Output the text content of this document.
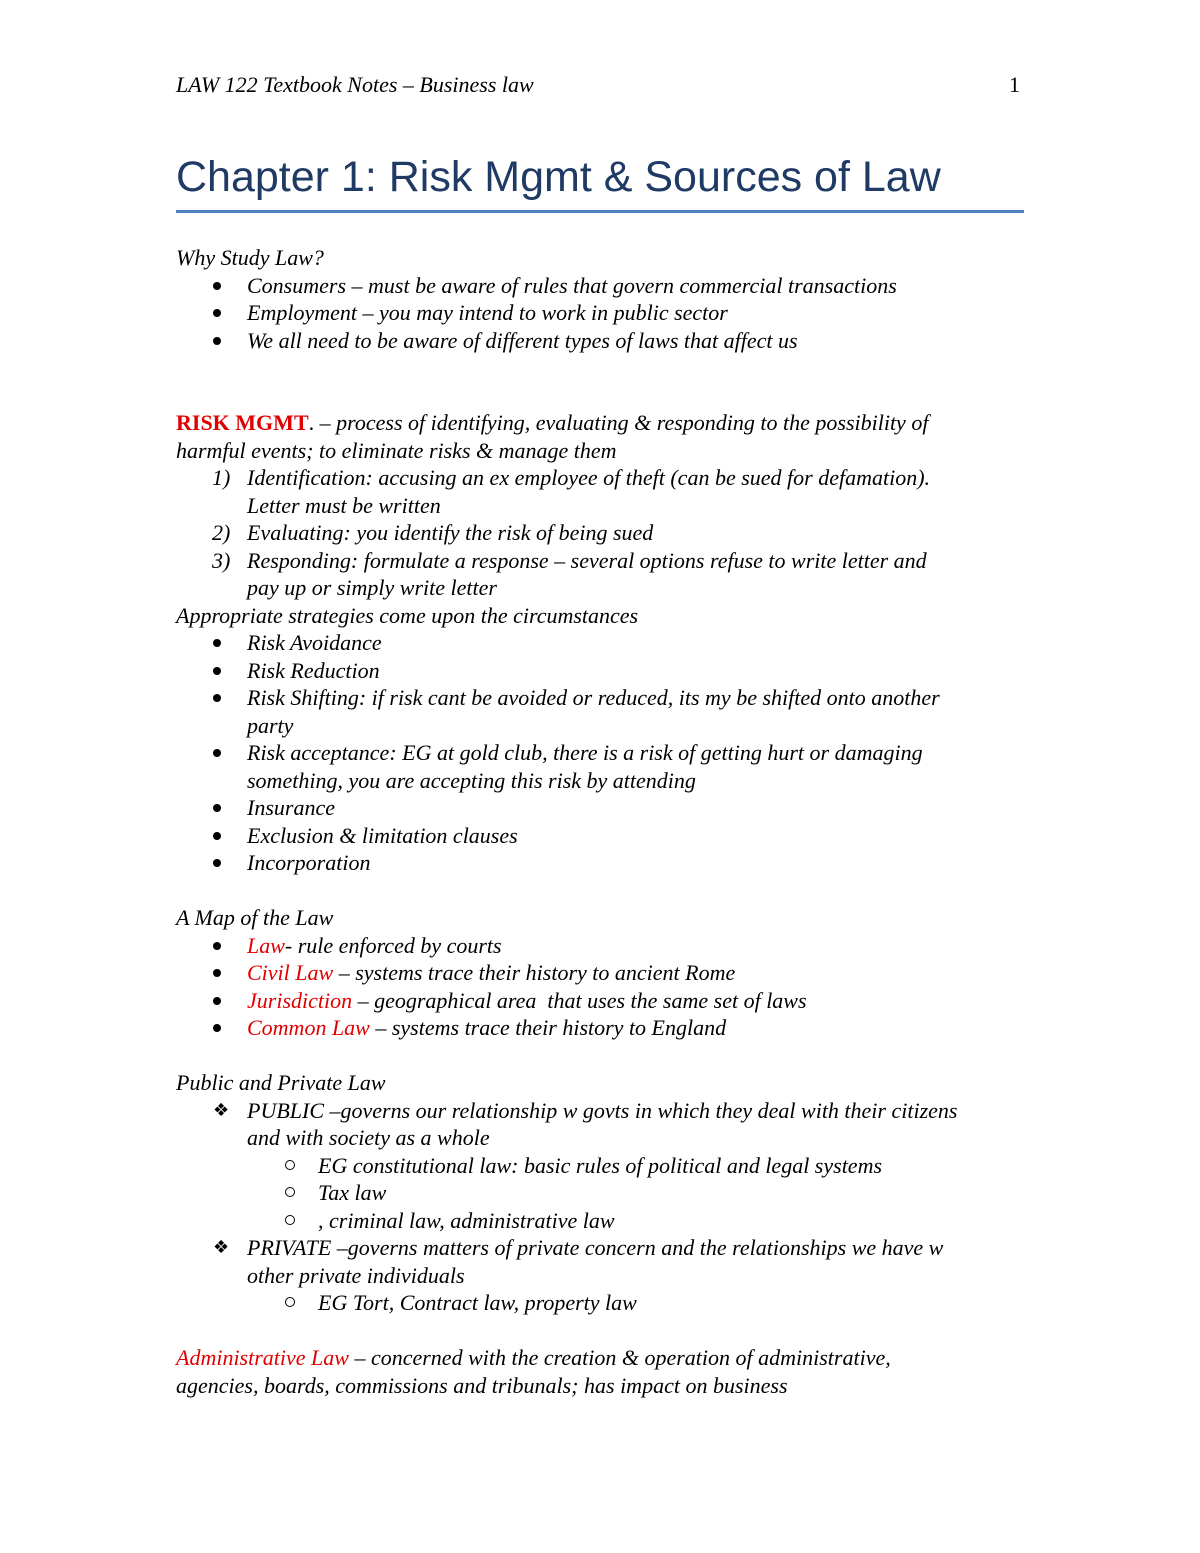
LAW 122 Textbook Notes – Business law	1
Chapter 1: Risk Mgmt & Sources of Law

Why Study Law?

Consumers – must be aware of rules that govern commercial transactions
Employment – you may intend to work in public sector
We all need to be aware of different types of laws that affect us

RISK MGMT. – process of identifying, evaluating & responding to the possibility of

harmful events; to eliminate risks & manage them

1) Identification: accusing an ex employee of theft (can be sued for defamation).
Letter must be written
2) Evaluating: you identify the risk of being sued
3) Responding: formulate a response – several options refuse to write letter and
pay up or simply write letter

Appropriate strategies come upon the circumstances

Risk Avoidance
Risk Reduction
Risk Shifting: if risk cant be avoided or reduced, its my be shifted onto another
party
Risk acceptance: EG at gold club, there is a risk of getting hurt or damaging
something, you are accepting this risk by attending
Insurance
Exclusion & limitation clauses
Incorporation

A Map of the Law

Law- rule enforced by courts
Civil Law – systems trace their history to ancient Rome
Jurisdiction – geographical area  that uses the same set of laws
Common Law – systems trace their history to England

Public and Private Law

❖ PUBLIC –governs our relationship w govts in which they deal with their citizens
and with society as a whole
EG constitutional law: basic rules of political and legal systems
Tax law
, criminal law, administrative law
❖ PRIVATE –governs matters of private concern and the relationships we have w
other private individuals
EG Tort, Contract law, property law

Administrative Law – concerned with the creation & operation of administrative,

agencies, boards, commissions and tribunals; has impact on business
